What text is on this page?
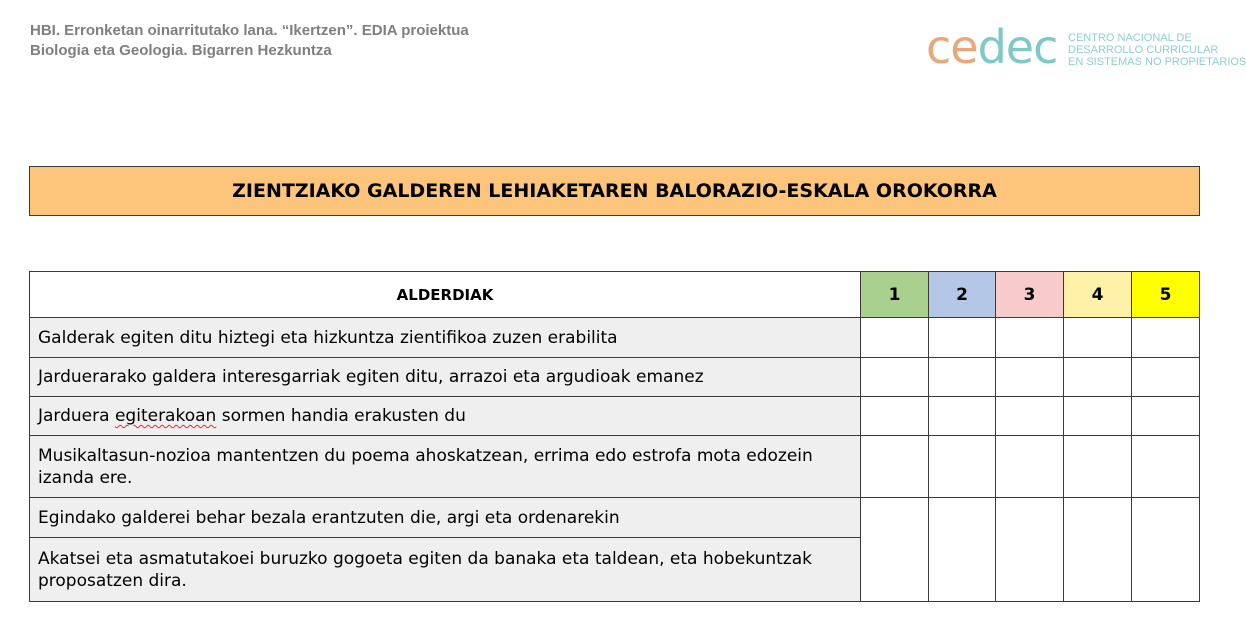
HBI. Erronketan oinarritutako lana. “Ikertzen”. EDIA proiektua
Biologia eta Geologia. Bigarren Hezkuntza	cedec CENTRO NACIONAL DE
DESARROLLO CURRICULAR
EN SISTEMAS NO PROPIETARIOS
ZIENTZIAKO GALDEREN LEHIAKETAREN BALORAZIO-ESKALA OROKORRA
ALDERDIAK	1	2	3	4	5
Galderak egiten ditu hiztegi eta hizkuntza zientifikoa zuzen erabilita					
Jarduerarako galdera interesgarriak egiten ditu, arrazoi eta argudioak emanez					
Jarduera egiterakoan sormen handia erakusten du					
Musikaltasun-nozioa mantentzen du poema ahoskatzean, errima edo estrofa mota edozein izanda ere.					
Egindako galderei behar bezala erantzuten die, argi eta ordenarekin					
Akatsei eta asmatutakoei buruzko gogoeta egiten da banaka eta taldean, eta hobekuntzak proposatzen dira.					
